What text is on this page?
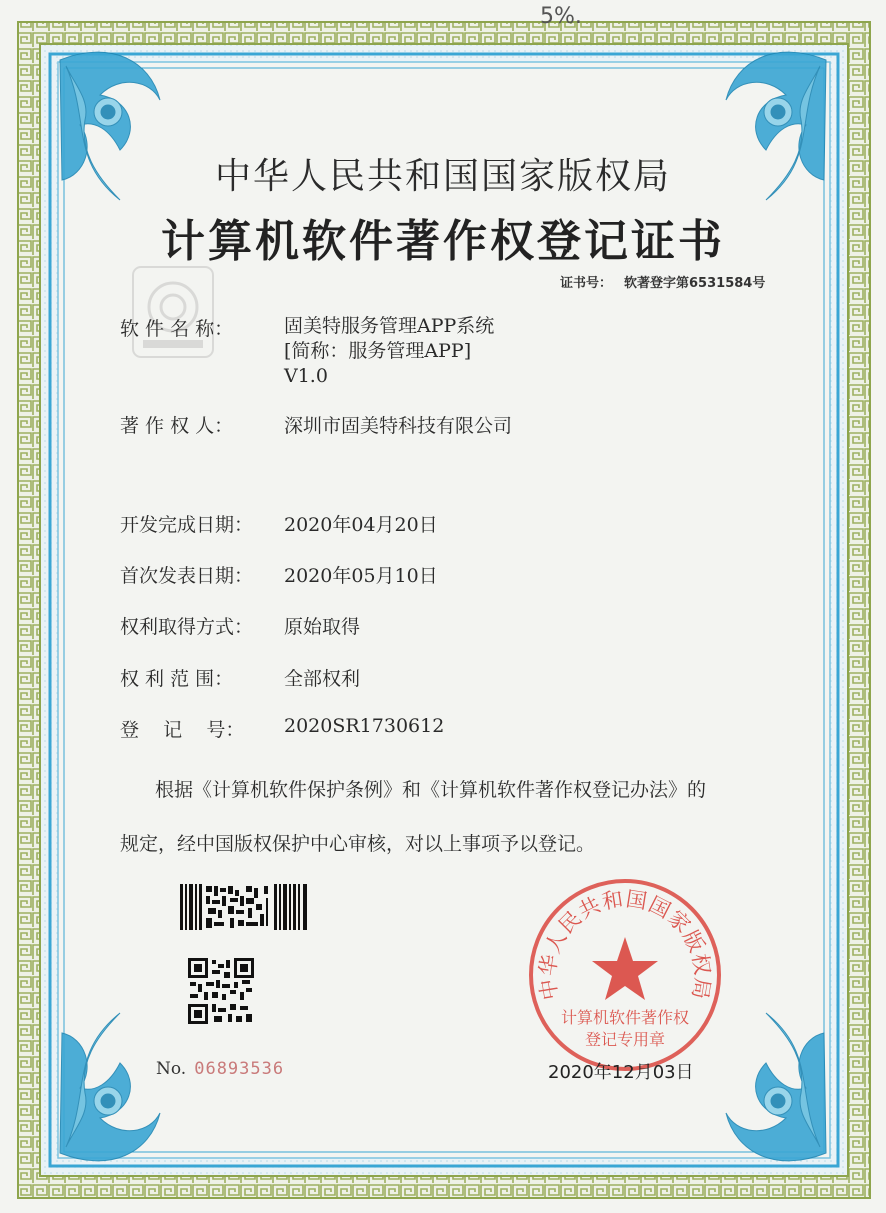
5%.
中华人民共和国国家版权局
计算机软件著作权登记证书
证书号： 软著登字第6531584号
软 件 名 称：	固美特服务管理APP系统
[简称：服务管理APP]
V1.0
著 作 权 人：	深圳市固美特科技有限公司
开发完成日期：	2020年04月20日
首次发表日期：	2020年05月10日
权利取得方式：	原始取得
权 利 范 围：	全部权利
登    记    号：	2020SR1730612
根据《计算机软件保护条例》和《计算机软件著作权登记办法》的
规定，经中国版权保护中心审核，对以上事项予以登记。
No. 06893536
中华人民共和国国家版权局
计算机软件著作权
登记专用章
2020年12月03日
